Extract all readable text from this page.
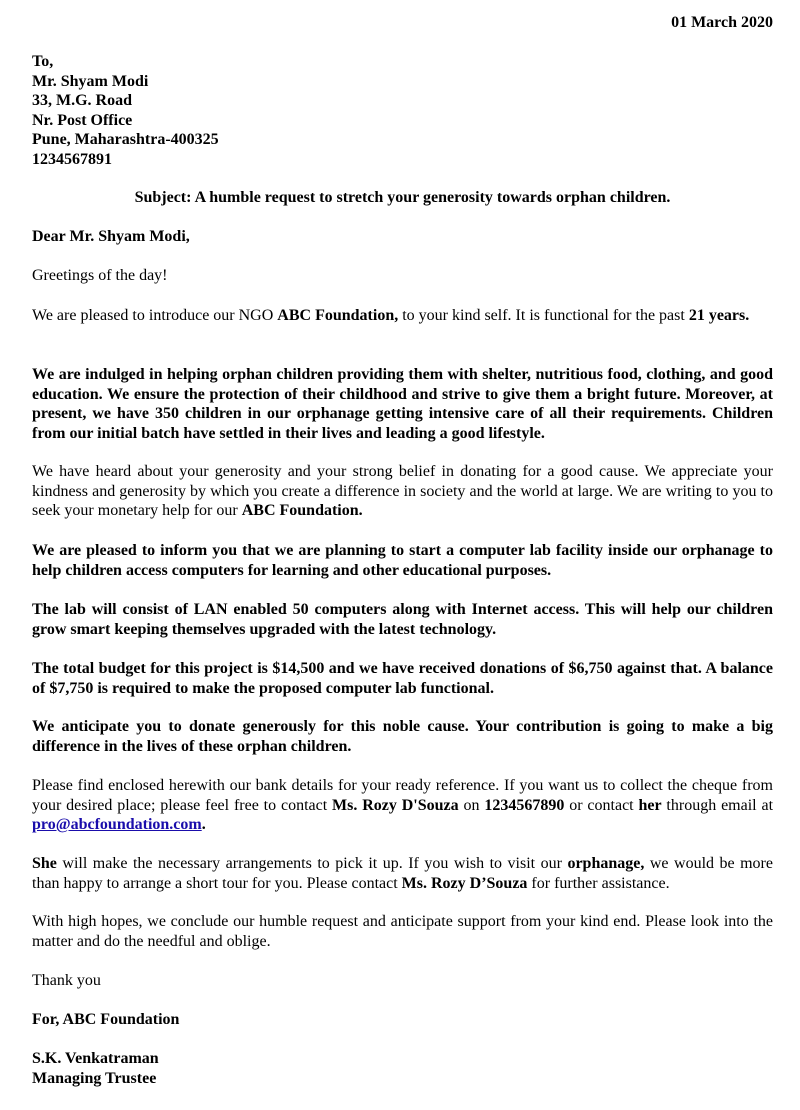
01 March 2020
To,
Mr. Shyam Modi
33, M.G. Road
Nr. Post Office
Pune, Maharashtra-400325
1234567891
Subject: A humble request to stretch your generosity towards orphan children.
Dear Mr. Shyam Modi,
Greetings of the day!

We are pleased to introduce our NGO ABC Foundation, to your kind self. It is functional for the past 21 years.

We are indulged in helping orphan children providing them with shelter, nutritious food, clothing, and good education. We ensure the protection of their childhood and strive to give them a bright future. Moreover, at present, we have 350 children in our orphanage getting intensive care of all their requirements. Children from our initial batch have settled in their lives and leading a good lifestyle.

We have heard about your generosity and your strong belief in donating for a good cause. We appreciate your kindness and generosity by which you create a difference in society and the world at large. We are writing to you to seek your monetary help for our ABC Foundation.

We are pleased to inform you that we are planning to start a computer lab facility inside our orphanage to help children access computers for learning and other educational purposes.

The lab will consist of LAN enabled 50 computers along with Internet access. This will help our children grow smart keeping themselves upgraded with the latest technology.

The total budget for this project is $14,500 and we have received donations of $6,750 against that. A balance of $7,750 is required to make the proposed computer lab functional.

We anticipate you to donate generously for this noble cause. Your contribution is going to make a big difference in the lives of these orphan children.

Please find enclosed herewith our bank details for your ready reference. If you want us to collect the cheque from your desired place; please feel free to contact Ms. Rozy D'Souza on 1234567890 or contact her through email at pro@abcfoundation.com.

She will make the necessary arrangements to pick it up. If you wish to visit our orphanage, we would be more than happy to arrange a short tour for you. Please contact Ms. Rozy D’Souza for further assistance.

With high hopes, we conclude our humble request and anticipate support from your kind end. Please look into the matter and do the needful and oblige.

Thank you
For, ABC Foundation
S.K. Venkatraman
Managing Trustee
